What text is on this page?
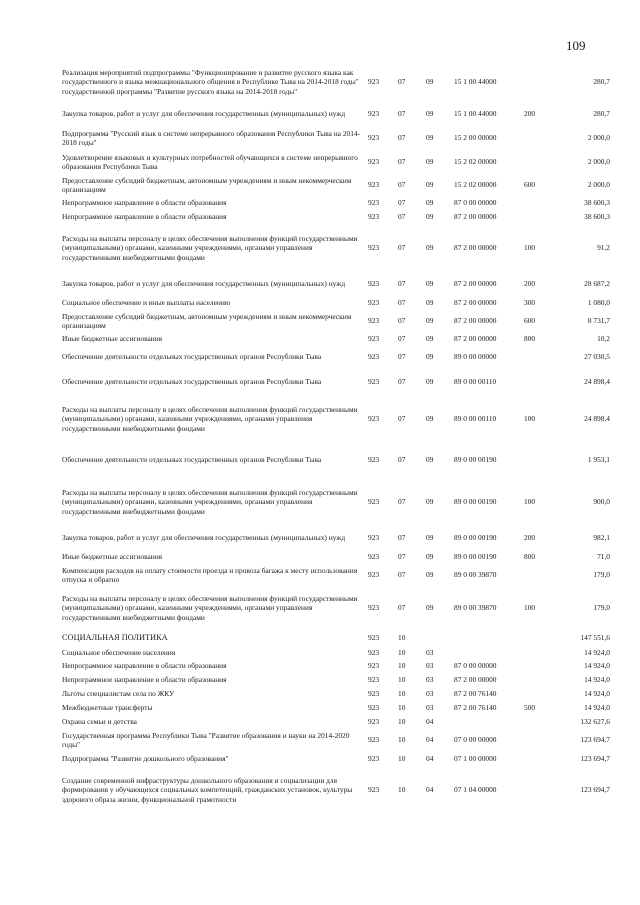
109
Реализация мероприятий подпрограммы "Функционирование и развитие русского языка как государственного и языка межнационального общения в Республике Тыва на 2014-2018 годы" государственной программы "Развитие русского языка на 2014-2018 годы"	923	07	09	15 1 00 44000		280,7
Закупка товаров, работ и услуг для обеспечения государственных (муниципальных) нужд	923	07	09	15 1 00 44000	200	280,7
Подпрограмма "Русский язык в системе непрерывного образования Республики Тыва на 2014-2018 годы"	923	07	09	15 2 00 00000		2 000,0
Удовлетворение языковых и культурных потребностей обучающихся в системе непрерывного образования Республики Тыва	923	07	09	15 2 02 00000		2 000,0
Предоставление субсидий бюджетным, автономным учреждениям и иным некоммерческим организациям	923	07	09	15 2 02 00000	600	2 000,0
Непрограммное направление в области образования	923	07	09	87 0 00 00000		38 600,3
Непрограммное направление в области образования	923	07	09	87 2 00 00000		38 600,3
Расходы на выплаты персоналу в целях обеспечения выполнения функций государственными (муниципальными) органами, казенными учреждениями, органами управления государственными внебюджетными фондами	923	07	09	87 2 00 00000	100	91,2
Закупка товаров, работ и услуг для обеспечения государственных (муниципальных) нужд	923	07	09	87 2 00 00000	200	28 687,2
Социальное обеспечение и иные выплаты населению	923	07	09	87 2 00 00000	300	1 080,0
Предоставление субсидий бюджетным, автономным учреждениям и иным некоммерческим организациям	923	07	09	87 2 00 00000	600	8 731,7
Иные бюджетные ассигнования	923	07	09	87 2 00 00000	800	10,2
Обеспечение деятельности отдельных государственных органов Республики Тыва	923	07	09	89 0 00 00000		27 030,5
Обеспечение деятельности отдельных государственных органов Республики Тыва	923	07	09	89 0 00 00110		24 898,4
Расходы на выплаты персоналу в целях обеспечения выполнения функций государственными (муниципальными) органами, казенными учреждениями, органами управления государственными внебюджетными фондами	923	07	09	89 0 00 00110	100	24 898,4
Обеспечение деятельности отдельных государственных органов Республики Тыва	923	07	09	89 0 00 00190		1 953,1
Расходы на выплаты персоналу в целях обеспечения выполнения функций государственными (муниципальными) органами, казенными учреждениями, органами управления государственными внебюджетными фондами	923	07	09	89 0 00 00190	100	900,0
Закупка товаров, работ и услуг для обеспечения государственных (муниципальных) нужд	923	07	09	89 0 00 00190	200	982,1
Иные бюджетные ассигнования	923	07	09	89 0 00 00190	800	71,0
Компенсация расходов на оплату стоимости проезда и провоза багажа к месту использования отпуска и обратно	923	07	09	89 0 00 39870		179,0
Расходы на выплаты персоналу в целях обеспечения выполнения функций государственными (муниципальными) органами, казенными учреждениями, органами управления государственными внебюджетными фондами	923	07	09	89 0 00 39870	100	179,0
СОЦИАЛЬНАЯ ПОЛИТИКА	923	10				147 551,6
Социальное обеспечение населения	923	10	03			14 924,0
Непрограммное направление в области образования	923	10	03	87 0 00 00000		14 924,0
Непрограммное направление в области образования	923	10	03	87 2 00 00000		14 924,0
Льготы специалистам села по ЖКУ	923	10	03	87 2 00 76140		14 924,0
Межбюджетные трансферты	923	10	03	87 2 00 76140	500	14 924,0
Охрана семьи и детства	923	10	04			132 627,6
Государственная программа Республики Тыва "Развитие образования и науки на 2014-2020 годы"	923	10	04	07 0 00 00000		123 694,7
Подпрограмма "Развитие дошкольного образования"	923	10	04	07 1 00 00000		123 694,7
Создание современной инфраструктуры дошкольного образования и социализации для формирования у обучающихся социальных компетенций, гражданских установок, культуры здорового образа жизни, функциональной грамотности	923	10	04	07 1 04 00000		123 694,7
